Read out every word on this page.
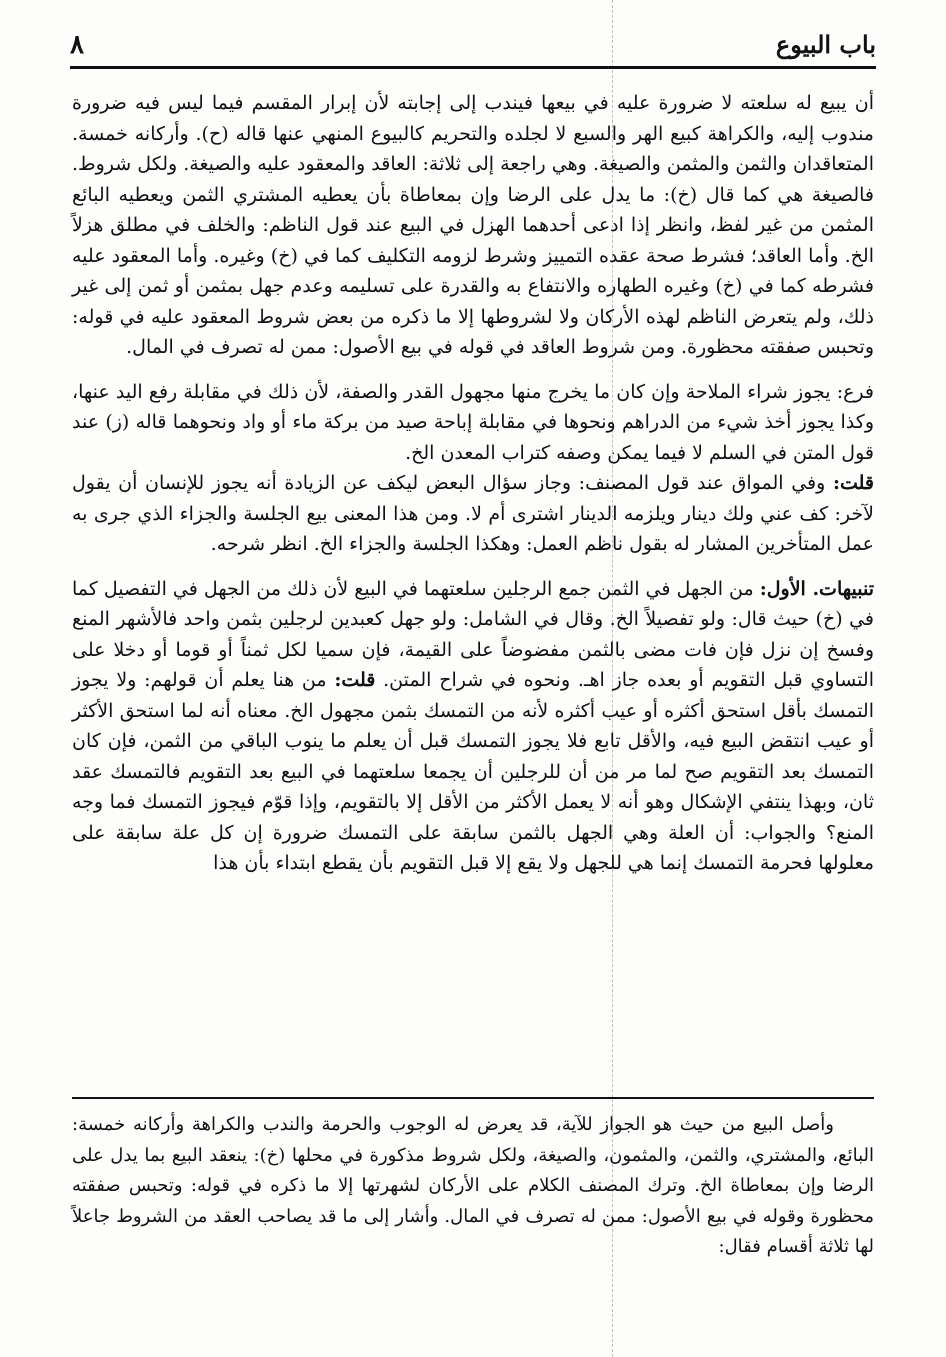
باب البيوع
٨

أن يبيع له سلعته لا ضرورة عليه في بيعها فيندب إلى إجابته لأن إبرار المقسم فيما ليس فيه ضرورة مندوب إليه، والكراهة كبيع الهر والسبع لا لجلده والتحريم كالبيوع المنهي عنها قاله (ح). وأركانه خمسة. المتعاقدان والثمن والمثمن والصيغة. وهي راجعة إلى ثلاثة: العاقد والمعقود عليه والصيغة. ولكل شروط. فالصيغة هي كما قال (خ): ما يدل على الرضا وإن بمعاطاة بأن يعطيه المشتري الثمن ويعطيه البائع المثمن من غير لفظ، وانظر إذا ادعى أحدهما الهزل في البيع عند قول الناظم: والخلف في مطلق هزلاً الخ. وأما العاقد؛ فشرط صحة عقده التمييز وشرط لزومه التكليف كما في (خ) وغيره. وأما المعقود عليه فشرطه كما في (خ) وغيره الطهاره والانتفاع به والقدرة على تسليمه وعدم جهل بمثمن أو ثمن إلى غير ذلك، ولم يتعرض الناظم لهذه الأركان ولا لشروطها إلا ما ذكره من بعض شروط المعقود عليه في قوله: وتحبس صفقته محظورة. ومن شروط العاقد في قوله في بيع الأصول: ممن له تصرف في المال.

فرع: يجوز شراء الملاحة وإن كان ما يخرج منها مجهول القدر والصفة، لأن ذلك في مقابلة رفع اليد عنها، وكذا يجوز أخذ شيء من الدراهم ونحوها في مقابلة إباحة صيد من بركة ماء أو واد ونحوهما قاله (ز) عند قول المتن في السلم لا فيما يمكن وصفه كتراب المعدن الخ.

قلت: وفي المواق عند قول المصنف: وجاز سؤال البعض ليكف عن الزيادة أنه يجوز للإنسان أن يقول لآخر: كف عني ولك دينار ويلزمه الدينار اشترى أم لا. ومن هذا المعنى بيع الجلسة والجزاء الذي جرى به عمل المتأخرين المشار له بقول ناظم العمل: وهكذا الجلسة والجزاء الخ. انظر شرحه.

تنبيهات. الأول: من الجهل في الثمن جمع الرجلين سلعتهما في البيع لأن ذلك من الجهل في التفصيل كما في (خ) حيث قال: ولو تفصيلاً الخ. وقال في الشامل: ولو جهل كعبدين لرجلين بثمن واحد فالأشهر المنع وفسخ إن نزل فإن فات مضى بالثمن مفضوضاً على القيمة، فإن سميا لكل ثمناً أو قوما أو دخلا على التساوي قبل التقويم أو بعده جاز اهـ. ونحوه في شراح المتن. قلت: من هنا يعلم أن قولهم: ولا يجوز التمسك بأقل استحق أكثره أو عيب أكثره لأنه من التمسك بثمن مجهول الخ. معناه أنه لما استحق الأكثر أو عيب انتقض البيع فيه، والأقل تابع فلا يجوز التمسك قبل أن يعلم ما ينوب الباقي من الثمن، فإن كان التمسك بعد التقويم صح لما مر من أن للرجلين أن يجمعا سلعتهما في البيع بعد التقويم فالتمسك عقد ثان، وبهذا ينتفي الإشكال وهو أنه لا يعمل الأكثر من الأقل إلا بالتقويم، وإذا قوّم فيجوز التمسك فما وجه المنع؟ والجواب: أن العلة وهي الجهل بالثمن سابقة على التمسك ضرورة إن كل علة سابقة على معلولها فحرمة التمسك إنما هي للجهل ولا يقع إلا قبل التقويم بأن يقطع ابتداء بأن هذا

وأصل البيع من حيث هو الجواز للآية، قد يعرض له الوجوب والحرمة والندب والكراهة وأركانه خمسة: البائع، والمشتري، والثمن، والمثمون، والصيغة، ولكل شروط مذكورة في محلها (خ): ينعقد البيع بما يدل على الرضا وإن بمعاطاة الخ. وترك المصنف الكلام على الأركان لشهرتها إلا ما ذكره في قوله: وتحبس صفقته محظورة وقوله في بيع الأصول: ممن له تصرف في المال. وأشار إلى ما قد يصاحب العقد من الشروط جاعلاً لها ثلاثة أقسام فقال:
